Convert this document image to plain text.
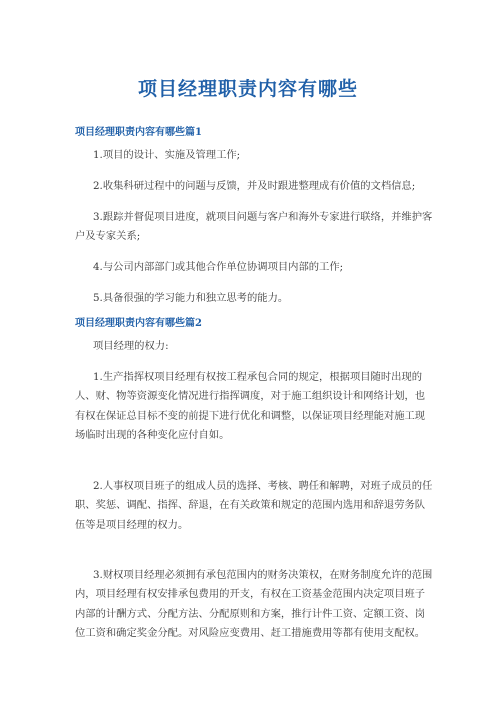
项目经理职责内容有哪些
项目经理职责内容有哪些篇1

1.项目的设计、实施及管理工作;

2.收集科研过程中的问题与反馈，并及时跟进整理成有价值的文档信息;

3.跟踪并督促项目进度，就项目问题与客户和海外专家进行联络，并维护客户及专家关系;

4.与公司内部部门或其他合作单位协调项目内部的工作;

5.具备很强的学习能力和独立思考的能力。

项目经理职责内容有哪些篇2

项目经理的权力:

1.生产指挥权项目经理有权按工程承包合同的规定，根据项目随时出现的人、财、物等资源变化情况进行指挥调度，对于施工组织设计和网络计划，也有权在保证总目标不变的前提下进行优化和调整，以保证项目经理能对施工现场临时出现的各种变化应付自如。

2.人事权项目班子的组成人员的选择、考核、聘任和解聘，对班子成员的任职、奖惩、调配、指挥、辞退，在有关政策和规定的范围内选用和辞退劳务队伍等是项目经理的权力。

3.财权项目经理必须拥有承包范围内的财务决策权，在财务制度允许的范围内，项目经理有权安排承包费用的开支，有权在工资基金范围内决定项目班子内部的计酬方式、分配方法、分配原则和方案，推行计件工资、定额工资、岗位工资和确定奖金分配。对风险应变费用、赶工措施费用等都有使用支配权。
